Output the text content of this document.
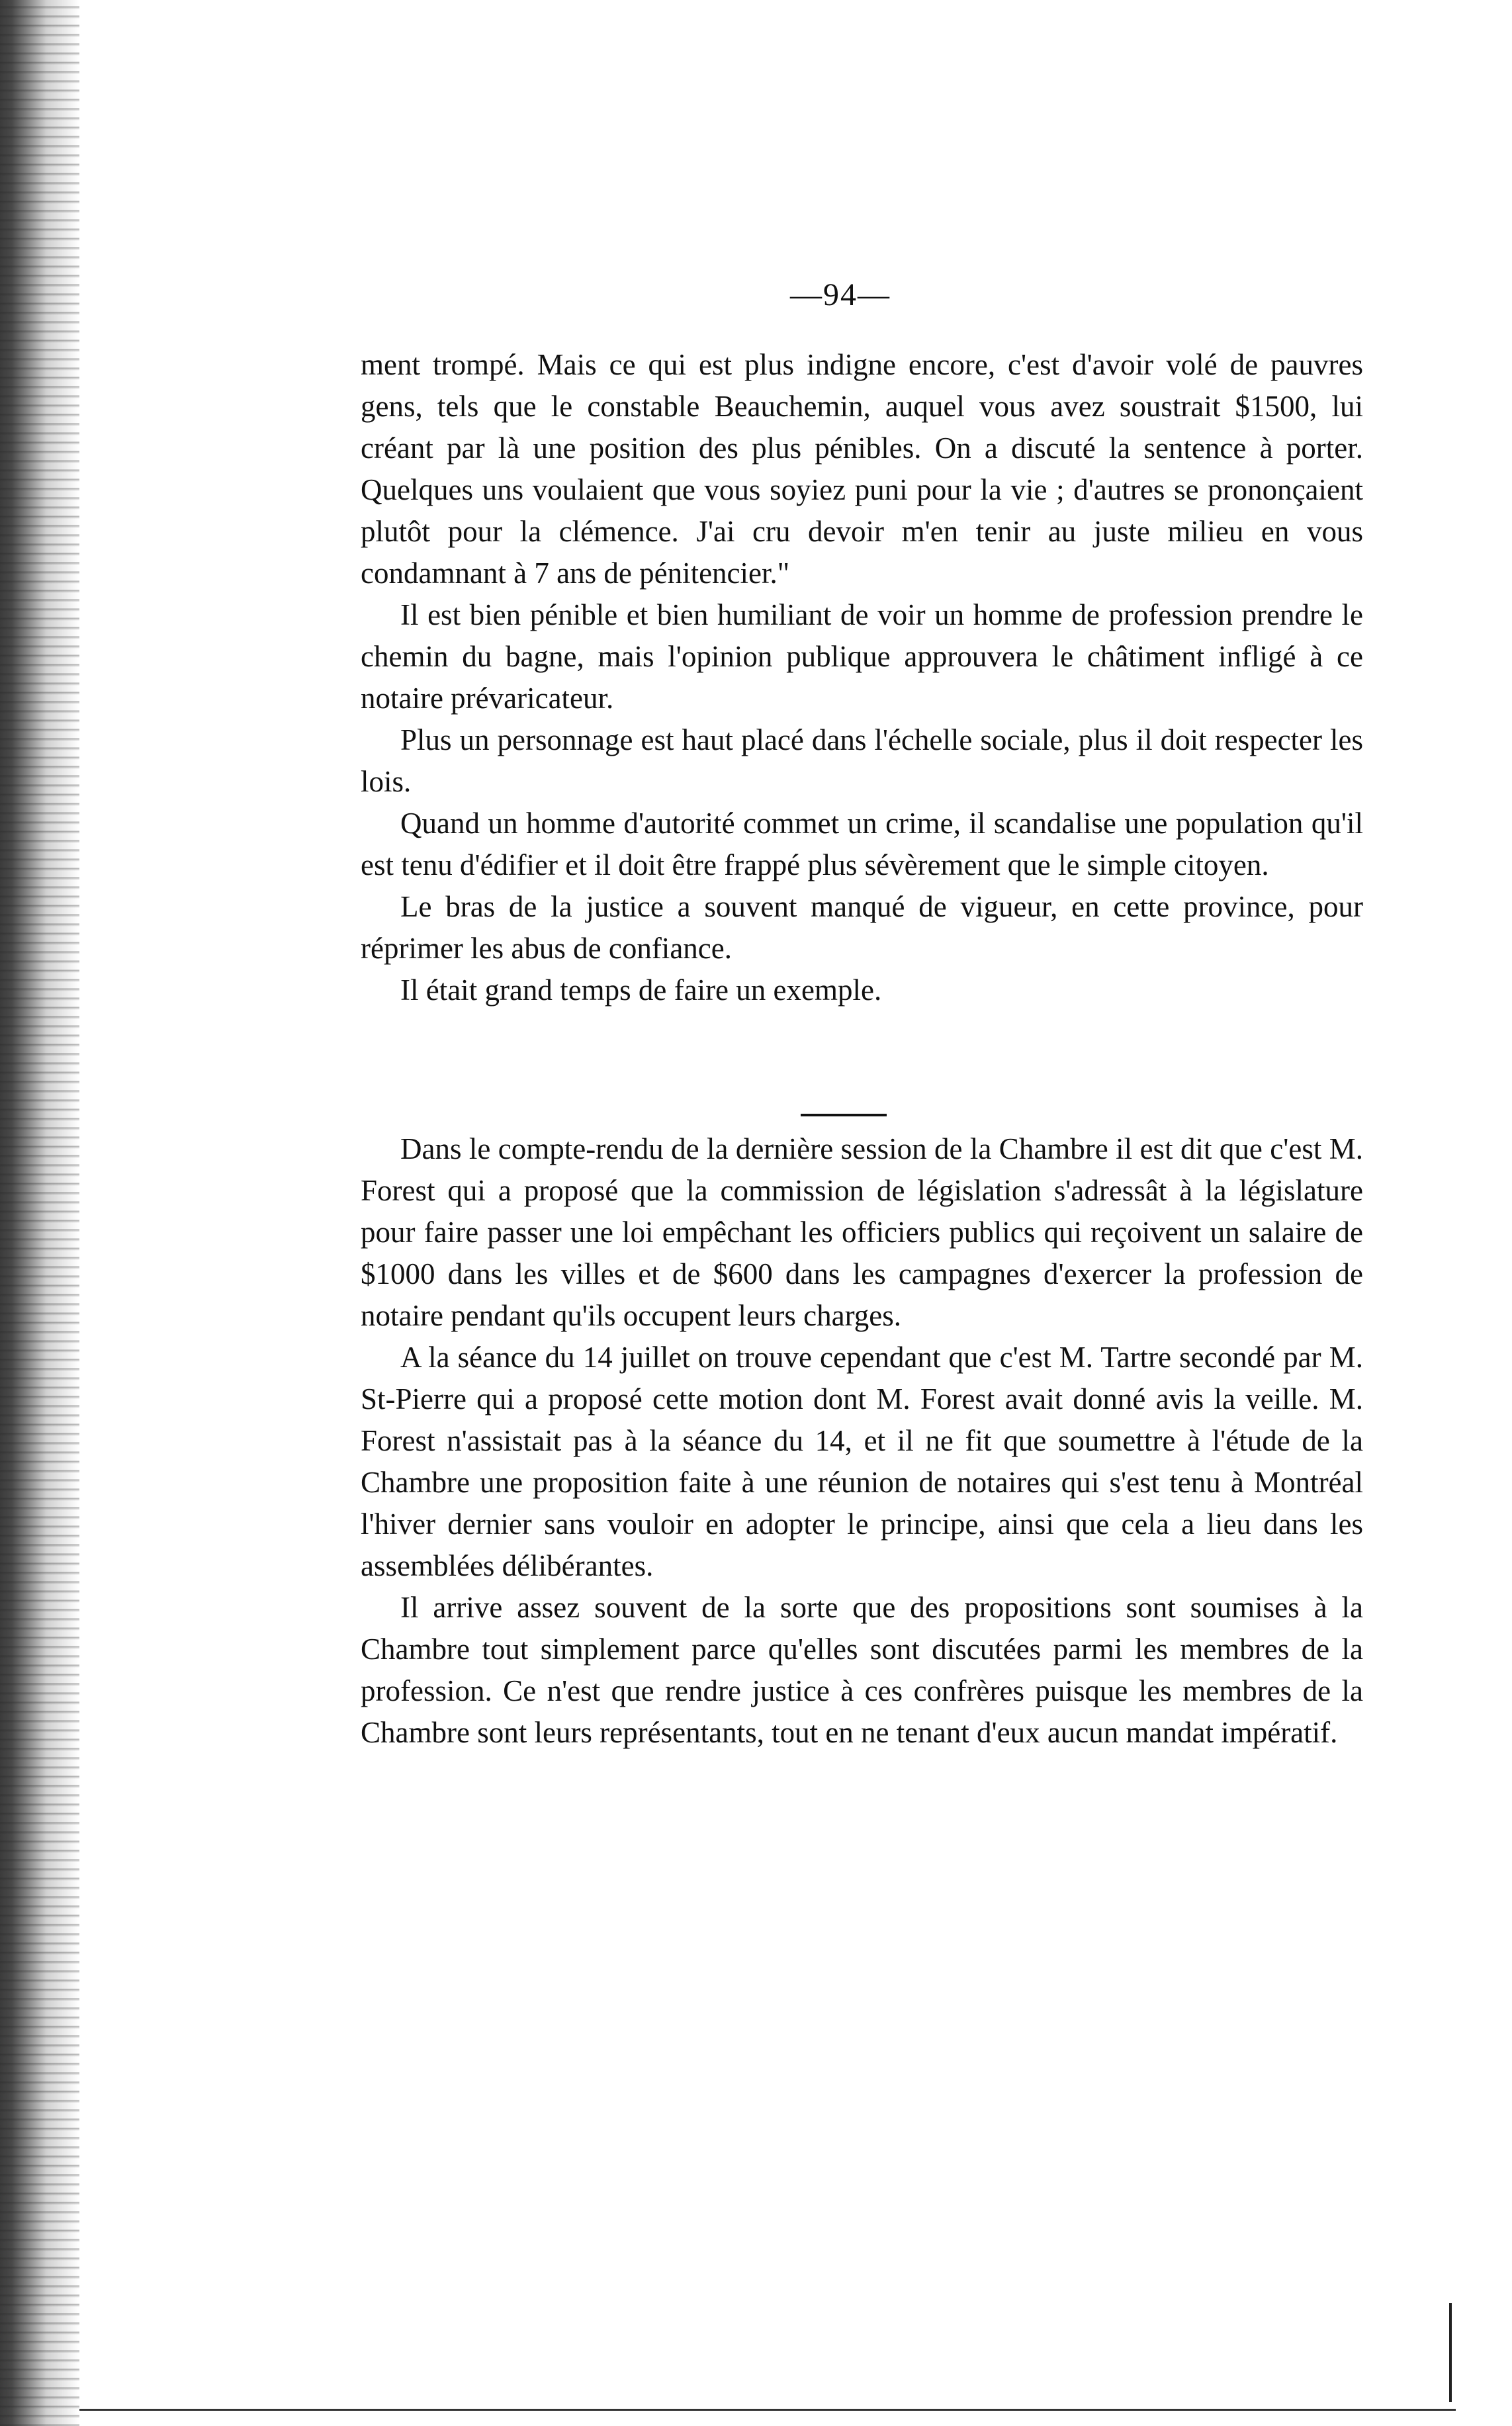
—94—

ment trompé. Mais ce qui est plus indigne encore, c'est d'avoir volé de pauvres gens, tels que le constable Beauchemin, auquel vous avez soustrait $1500, lui créant par là une position des plus pénibles. On a discuté la sentence à porter. Quelques uns voulaient que vous soyiez puni pour la vie ; d'autres se prononçaient plutôt pour la clémence. J'ai cru devoir m'en tenir au juste milieu en vous condamnant à 7 ans de pénitencier."

Il est bien pénible et bien humiliant de voir un homme de profession prendre le chemin du bagne, mais l'opinion publique approuvera le châtiment infligé à ce notaire prévaricateur.

Plus un personnage est haut placé dans l'échelle sociale, plus il doit respecter les lois.

Quand un homme d'autorité commet un crime, il scandalise une population qu'il est tenu d'édifier et il doit être frappé plus sévèrement que le simple citoyen.

Le bras de la justice a souvent manqué de vigueur, en cette province, pour réprimer les abus de confiance.

Il était grand temps de faire un exemple.

Dans le compte-rendu de la dernière session de la Chambre il est dit que c'est M. Forest qui a proposé que la commission de législation s'adressât à la législature pour faire passer une loi empêchant les officiers publics qui reçoivent un salaire de $1000 dans les villes et de $600 dans les campagnes d'exercer la profession de notaire pendant qu'ils occupent leurs charges.

A la séance du 14 juillet on trouve cependant que c'est M. Tartre secondé par M. St-Pierre qui a proposé cette motion dont M. Forest avait donné avis la veille. M. Forest n'assistait pas à la séance du 14, et il ne fit que soumettre à l'étude de la Chambre une proposition faite à une réunion de notaires qui s'est tenu à Montréal l'hiver dernier sans vouloir en adopter le principe, ainsi que cela a lieu dans les assemblées délibérantes.

Il arrive assez souvent de la sorte que des propositions sont soumises à la Chambre tout simplement parce qu'elles sont discutées parmi les membres de la profession. Ce n'est que rendre justice à ces confrères puisque les membres de la Chambre sont leurs représentants, tout en ne tenant d'eux aucun mandat impératif.
